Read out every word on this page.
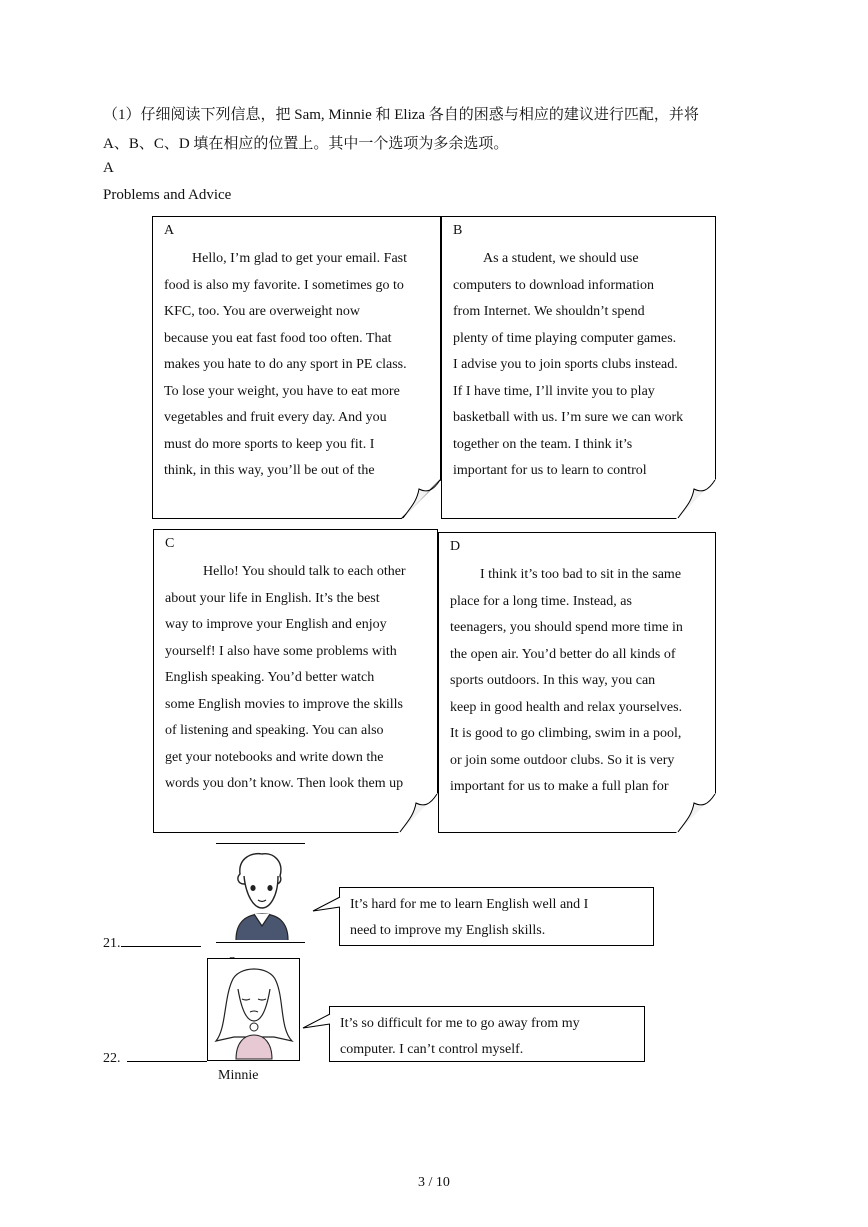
（1）仔细阅读下列信息，把 Sam, Minnie 和 Eliza 各自的困惑与相应的建议进行匹配，并将
A、B、C、D 填在相应的位置上。其中一个选项为多余选项。
A
Problems and Advice
A
Hello, I’m glad to get your email. Fast
food is also my favorite. I sometimes go to
KFC, too. You are overweight now
because you eat fast food too often. That
makes you hate to do any sport in PE class.
To lose your weight, you have to eat more
vegetables and fruit every day. And you
must do more sports to keep you fit. I
think, in this way, you’ll be out of the
B
As a student, we should use
computers to download information
from Internet. We shouldn’t spend
plenty of time playing computer games.
I advise you to join sports clubs instead.
If I have time, I’ll invite you to play
basketball with us. I’m sure we can work
together on the team. I think it’s
important for us to learn to control
C
Hello! You should talk to each other
about your life in English. It’s the best
way to improve your English and enjoy
yourself! I also have some problems with
English speaking. You’d better watch
some English movies to improve the skills
of listening and speaking. You can also
get your notebooks and write down the
words you don’t know. Then look them up
D
I think it’s too bad to sit in the same
place for a long time. Instead, as
teenagers, you should spend more time in
the open air. You’d better do all kinds of
sports outdoors. In this way, you can
keep in good health and relax yourselves.
It is good to go climbing, swim in a pool,
or join some outdoor clubs. So it is very
important for us to make a full plan for
21.
It’s hard for me to learn English well and I
need to improve my English skills.
22.
Minnie
It’s so difficult for me to go away from my
computer. I can’t control myself.
3 / 10
